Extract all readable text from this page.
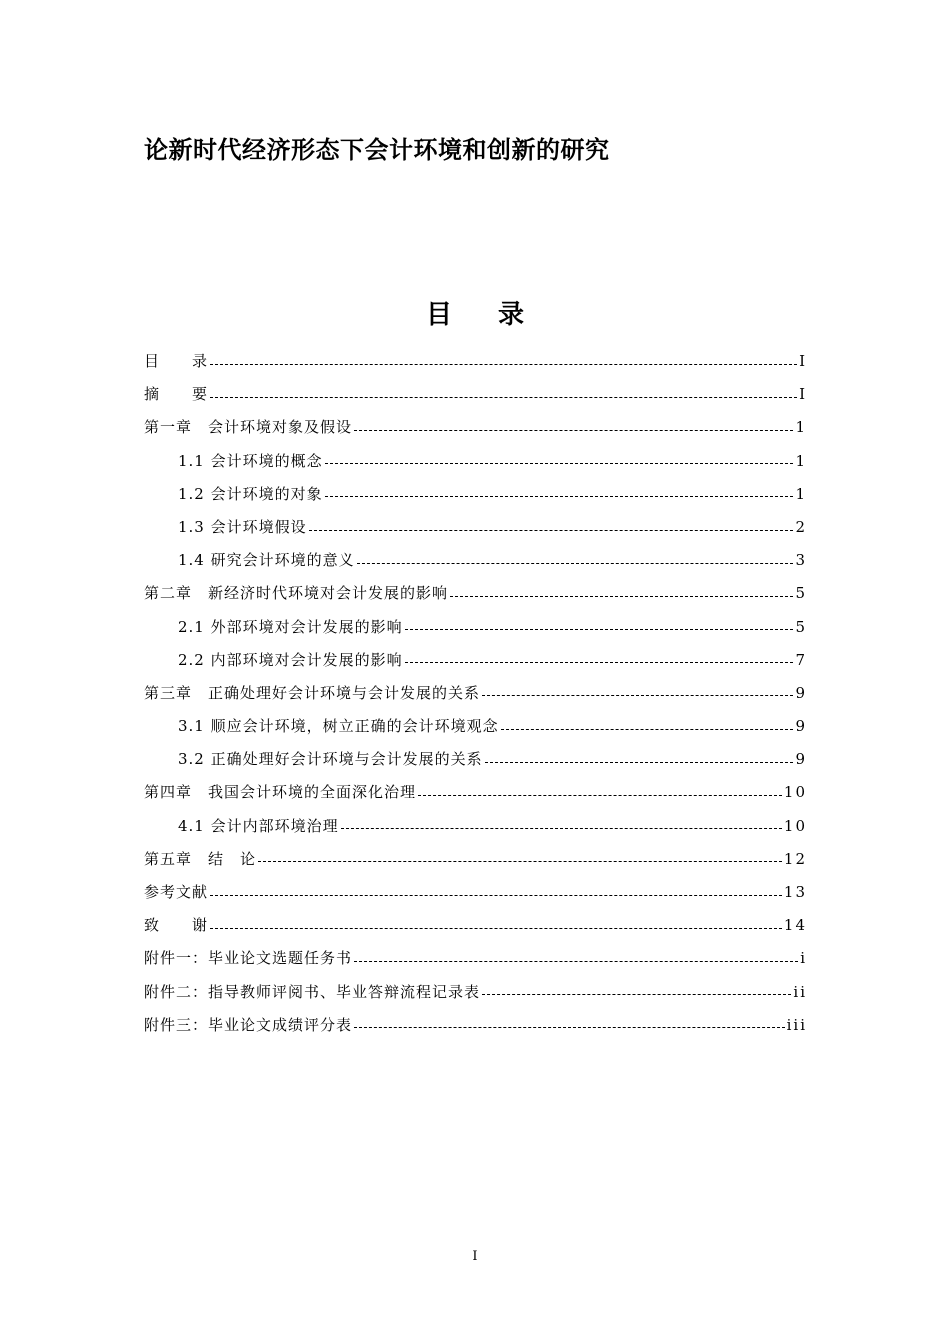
论新时代经济形态下会计环境和创新的研究
目录
目　　录	I
摘　　要	I
第一章　会计环境对象及假设	1
1.1 会计环境的概念	1
1.2 会计环境的对象	1
1.3 会计环境假设	2
1.4 研究会计环境的意义	3
第二章　新经济时代环境对会计发展的影响	5
2.1 外部环境对会计发展的影响	5
2.2 内部环境对会计发展的影响	7
第三章　正确处理好会计环境与会计发展的关系	9
3.1 顺应会计环境，树立正确的会计环境观念	9
3.2 正确处理好会计环境与会计发展的关系	9
第四章　我国会计环境的全面深化治理	10
4.1 会计内部环境治理	10
第五章　结　论	12
参考文献	13
致　　谢	14
附件一：毕业论文选题任务书	i
附件二：指导教师评阅书、毕业答辩流程记录表	ii
附件三：毕业论文成绩评分表	iii
I
